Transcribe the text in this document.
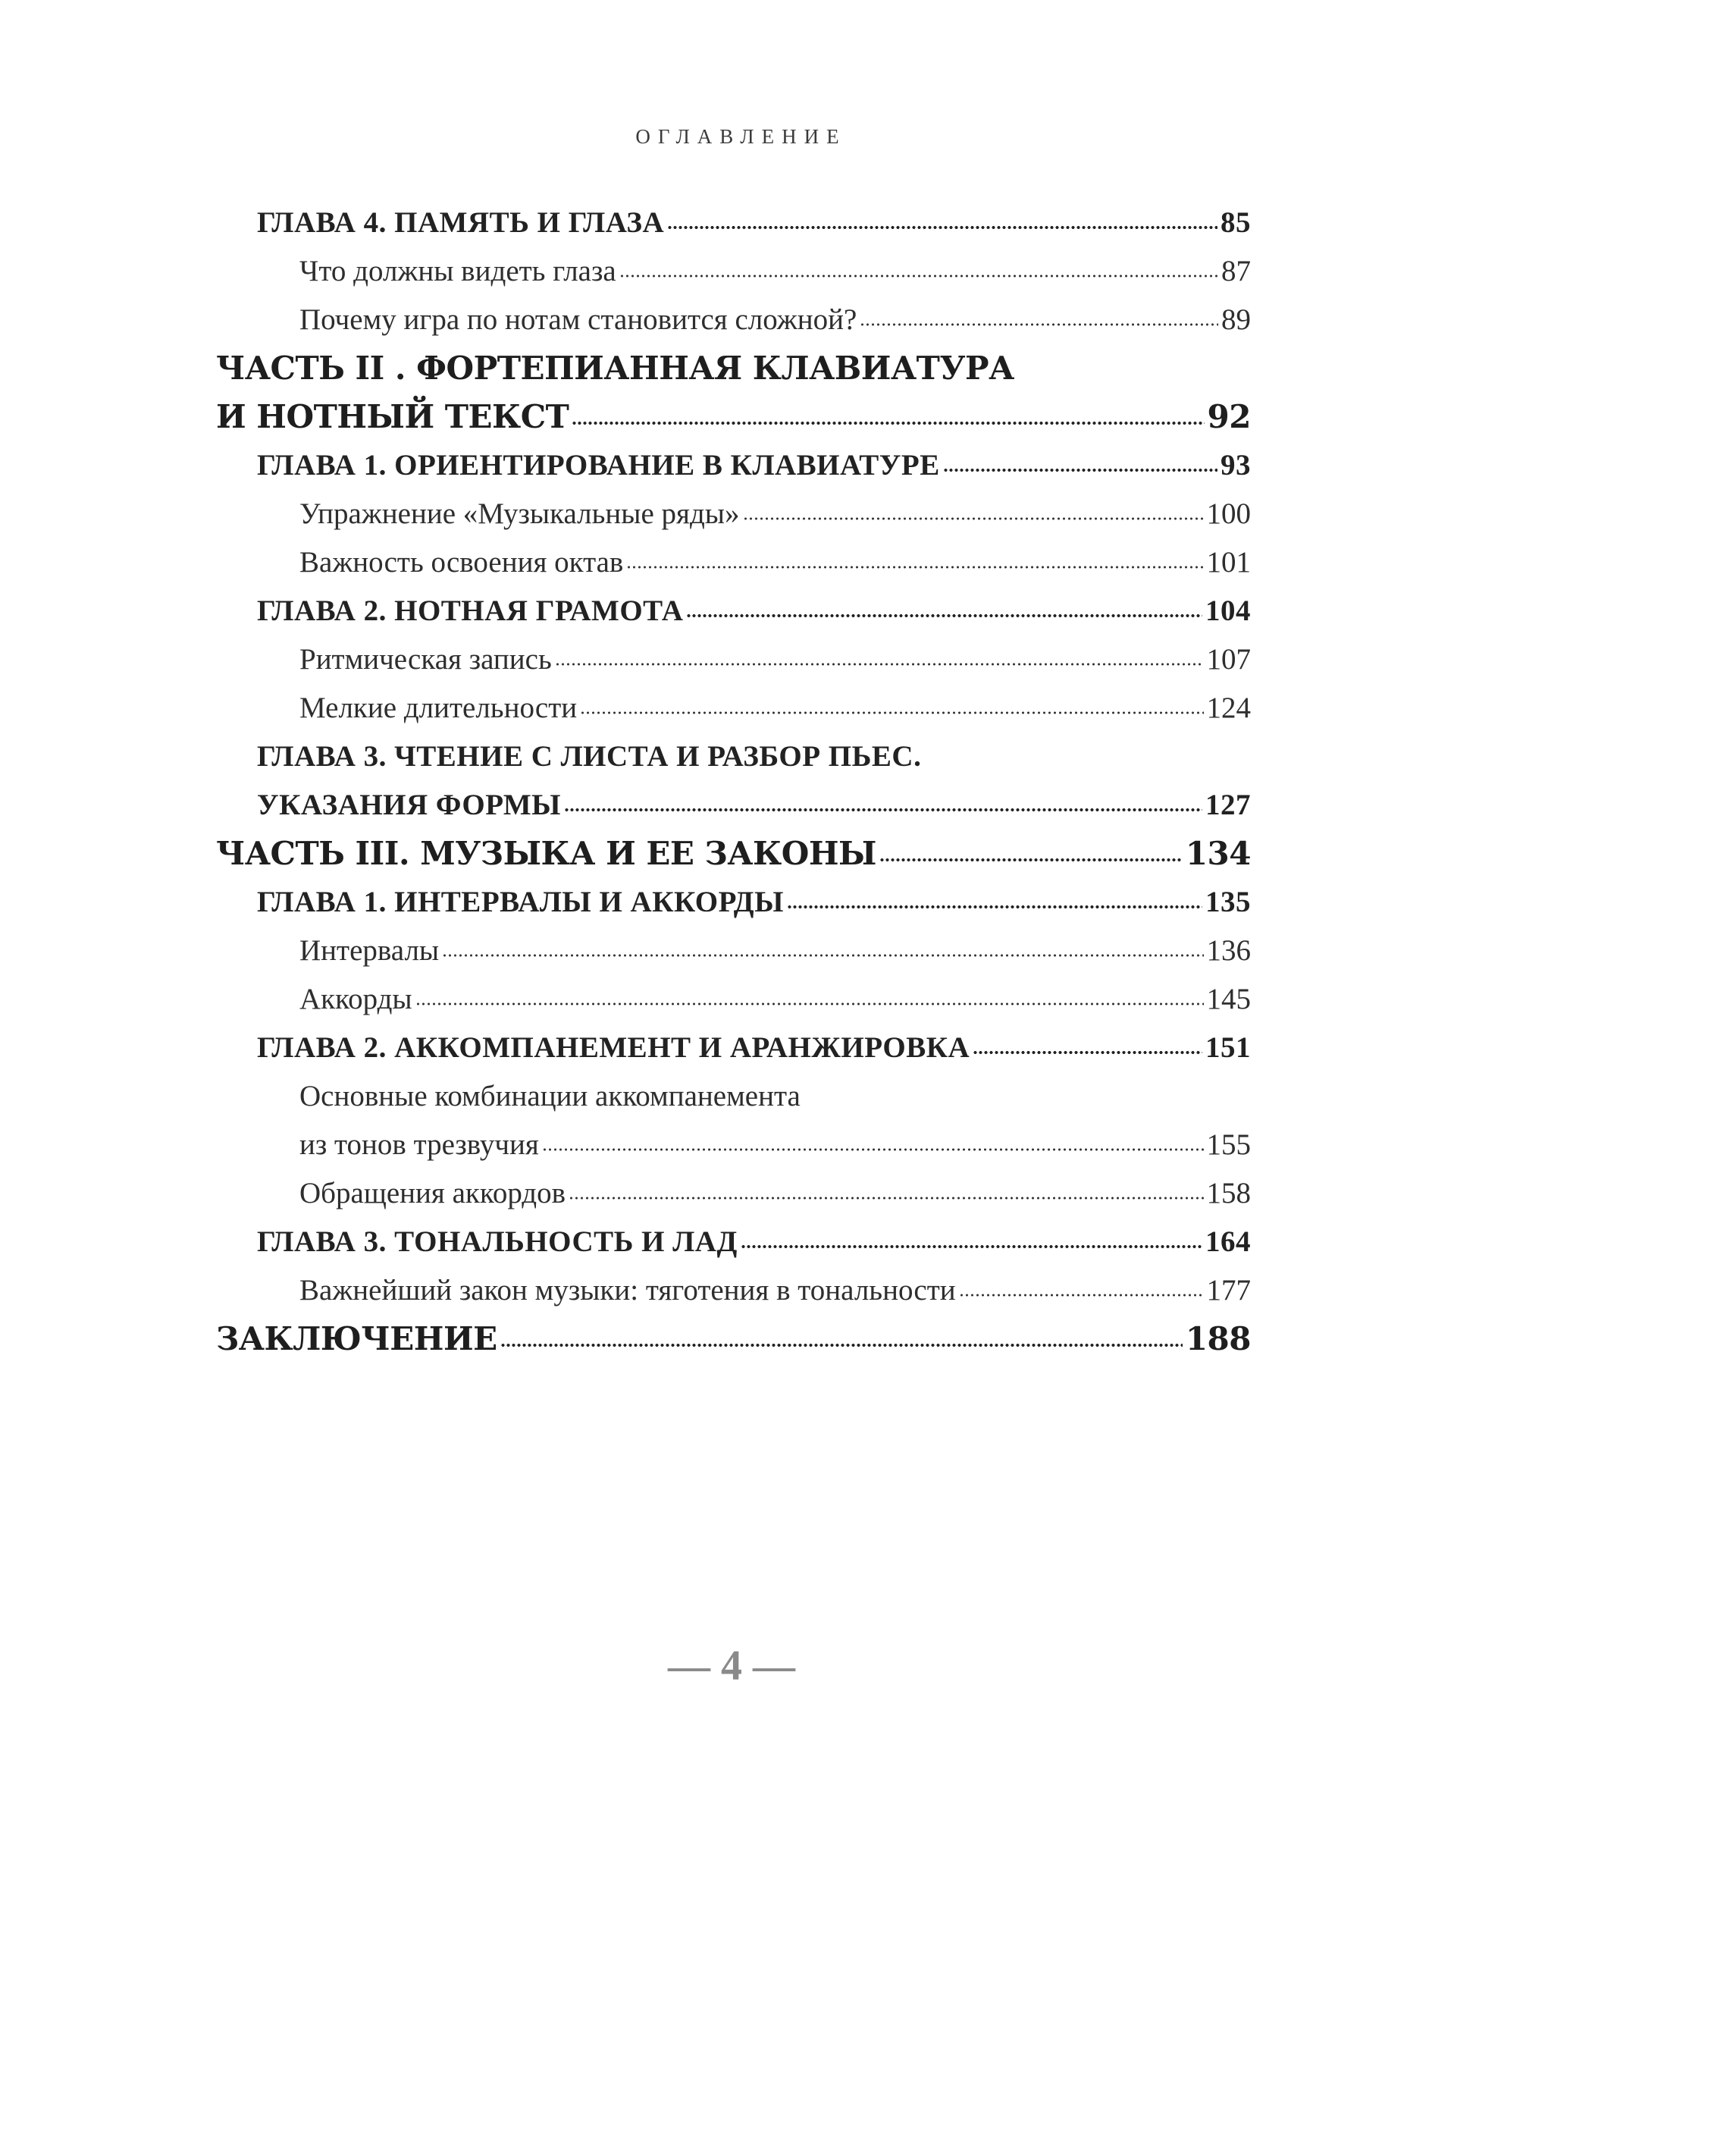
ОГЛАВЛЕНИЕ
ГЛАВА 4. ПАМЯТЬ И ГЛАЗА	85
Что должны видеть глаза	87
Почему игра по нотам становится сложной?	89
ЧАСТЬ II . ФОРТЕПИАННАЯ КЛАВИАТУРА
И НОТНЫЙ ТЕКСТ	92
ГЛАВА 1. ОРИЕНТИРОВАНИЕ В КЛАВИАТУРЕ	93
Упражнение «Музыкальные ряды»	100
Важность освоения октав	101
ГЛАВА 2. НОТНАЯ ГРАМОТА	104
Ритмическая запись	107
Мелкие длительности	124
ГЛАВА 3. ЧТЕНИЕ С ЛИСТА И РАЗБОР ПЬЕС.
УКАЗАНИЯ ФОРМЫ	127
ЧАСТЬ III. МУЗЫКА И ЕЕ ЗАКОНЫ	134
ГЛАВА 1. ИНТЕРВАЛЫ И АККОРДЫ	135
Интервалы	136
Аккорды	145
ГЛАВА 2. АККОМПАНЕМЕНТ И АРАНЖИРОВКА	151
Основные комбинации аккомпанемента
из тонов трезвучия	155
Обращения аккордов	158
ГЛАВА 3. ТОНАЛЬНОСТЬ И ЛАД	164
Важнейший закон музыки: тяготения в тональности	177
ЗАКЛЮЧЕНИЕ	188
— 4 —
